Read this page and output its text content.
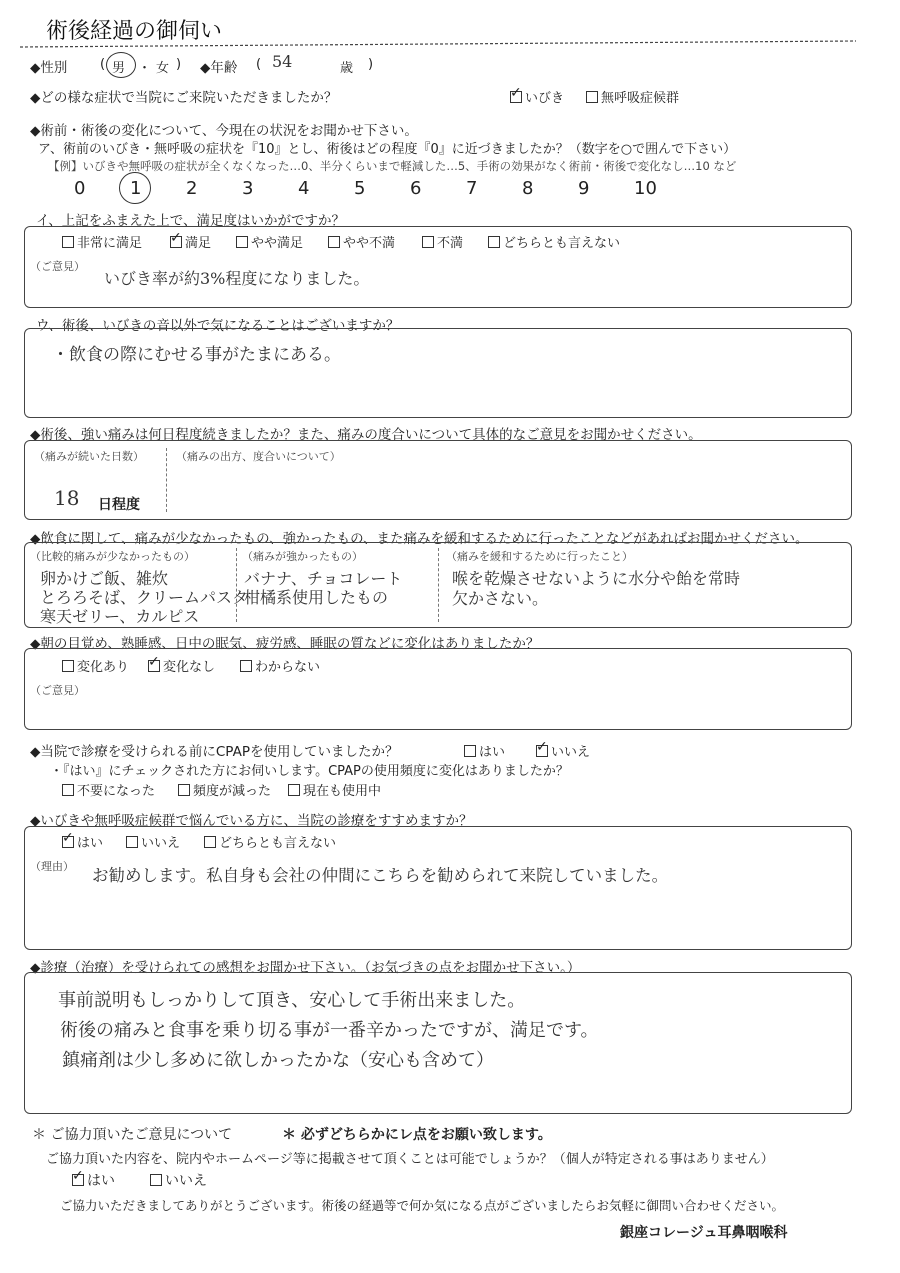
術後経過の御伺い
◆性別	( 男 ・ 女 ) ◆年齢 ( 54	歳 )
◆どの様な症状で当院にご来院いただきましたか？ ✓	いびき	無呼吸症候群
◆術前・術後の変化について、今現在の状況をお聞かせ下さい。
ア、術前のいびき・無呼吸の症状を『10』とし、術後はどの程度『0』に近づきましたか？（数字を○で囲んで下さい）
【例】いびきや無呼吸の症状が全くなくなった…0、半分くらいまで軽減した…5、手術の効果がなく術前・術後で変化なし…10 など
0 1 2 3 4 5 6 7 8 9 10
イ、上記をふまえた上で、満足度はいかがですか？
非常に満足 ✓	満足	やや満足	やや不満	不満	どちらとも言えない
（ご意見）
いびき率が約3%程度になりました。
ウ、術後、いびきの音以外で気になることはございますか？
・飲食の際にむせる事がたまにある。
◆術後、強い痛みは何日程度続きましたか？また、痛みの度合いについて具体的なご意見をお聞かせください。
（痛みが続いた日数）
18 日程度
（痛みの出方、度合いについて）
◆飲食に関して、痛みが少なかったもの、強かったもの、また痛みを緩和するために行ったことなどがあればお聞かせください。
（比較的痛みが少なかったもの）
卵かけご飯、雑炊
とろろそば、クリームパスタ
寒天ゼリー、カルピス
（痛みが強かったもの）
バナナ、チョコレート
柑橘系使用したもの
（痛みを緩和するために行ったこと）
喉を乾燥させないように水分や飴を常時
欠かさない。
◆朝の目覚め、熟睡感、日中の眠気、疲労感、睡眠の質などに変化はありましたか？
変化あり ✓	変化なし	わからない
（ご意見）
◆当院で診療を受けられる前にCPAPを使用していましたか？	はい ✓	いいえ
・『はい』にチェックされた方にお伺いします。CPAPの使用頻度に変化はありましたか？
不要になった	頻度が減った	現在も使用中
◆いびきや無呼吸症候群で悩んでいる方に、当院の診療をすすめますか？
✓はい	いいえ	どちらとも言えない
（理由） お勧めします。私自身も会社の仲間にこちらを勧められて来院していました。
◆診療（治療）を受けられての感想をお聞かせ下さい。（お気づきの点をお聞かせ下さい。）
事前説明もしっかりして頂き、安心して手術出来ました。
術後の痛みと食事を乗り切る事が一番辛かったですが、満足です。
鎮痛剤は少し多めに欲しかったかな（安心も含めて）
＊ ご協力頂いたご意見について	＊ 必ずどちらかにレ点をお願い致します。
ご協力頂いた内容を、院内やホームページ等に掲載させて頂くことは可能でしょうか？（個人が特定される事はありません）
✓はい	いいえ
ご協力いただきましてありがとうございます。術後の経過等で何か気になる点がございましたらお気軽に御問い合わせください。
銀座コレージュ耳鼻咽喉科
